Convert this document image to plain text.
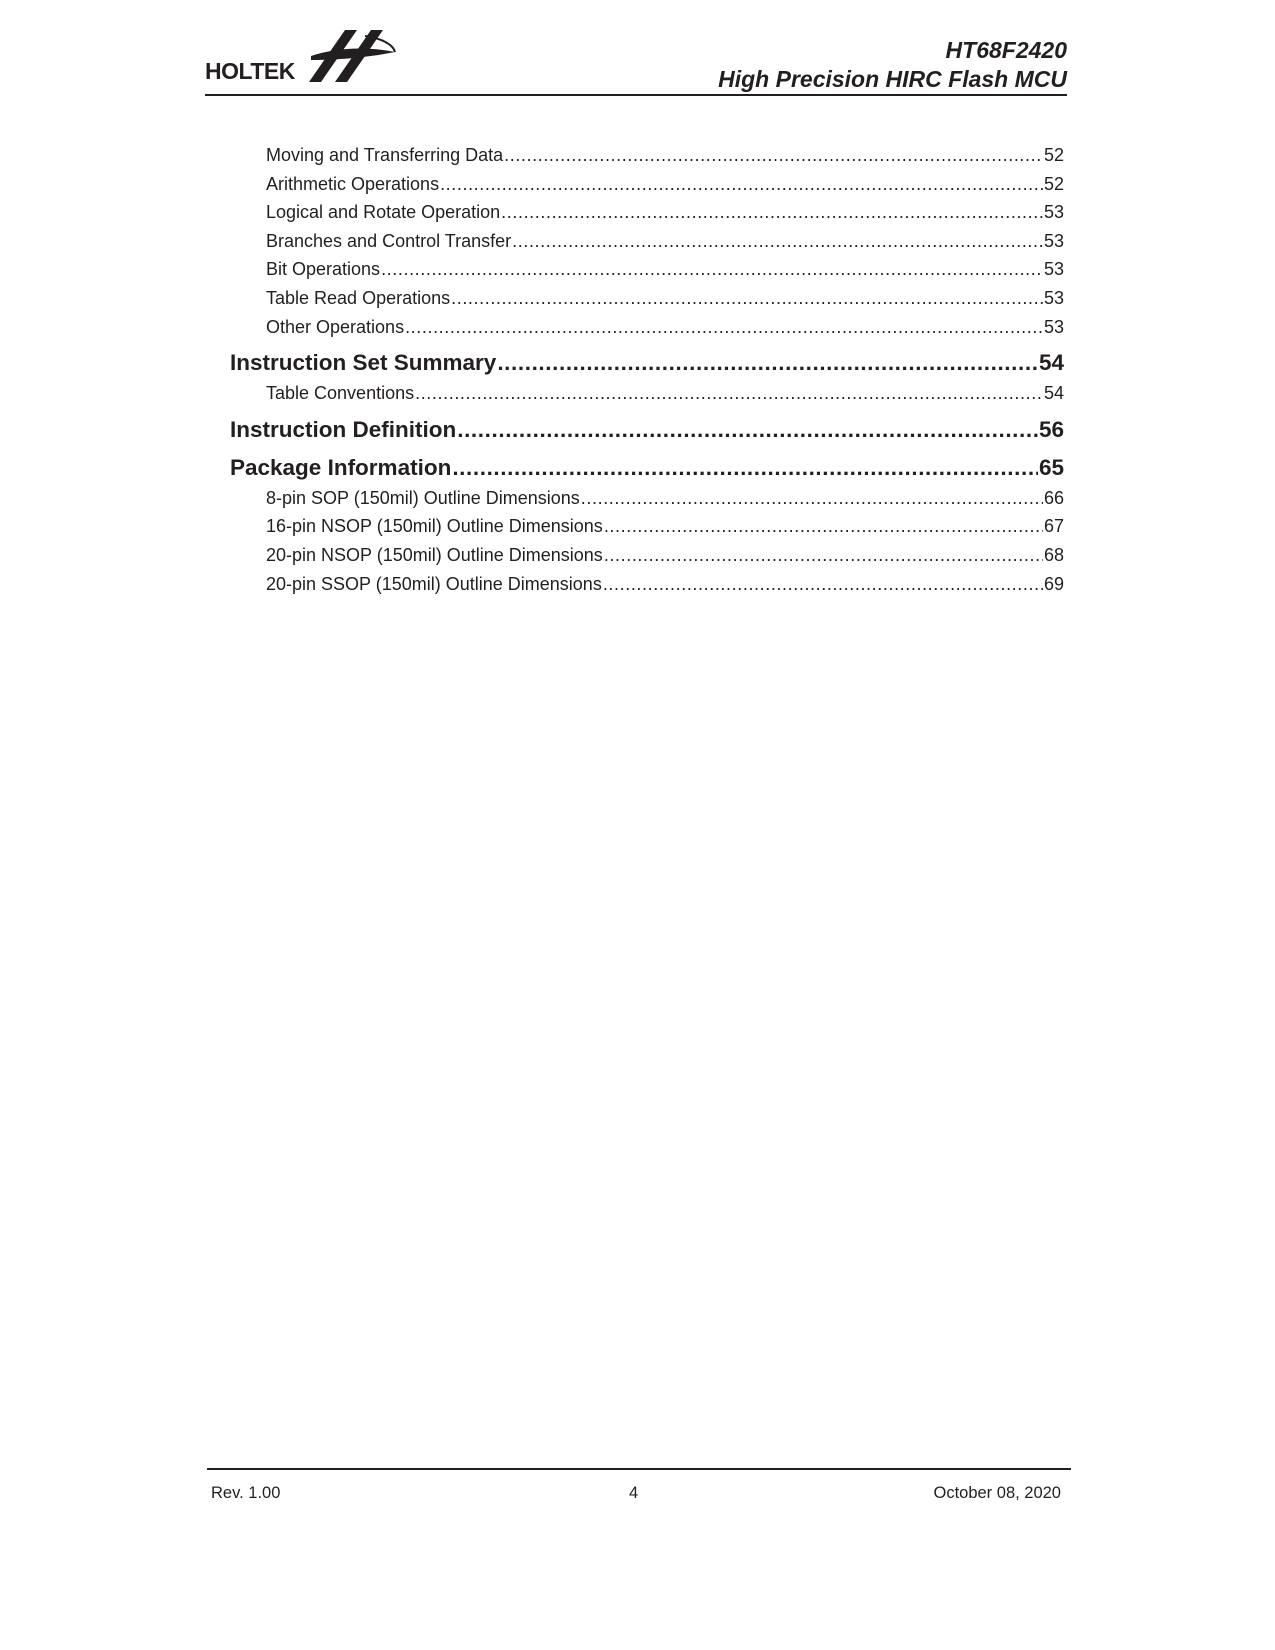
HOLTEK
HT68F2420
High Precision HIRC Flash MCU
Moving and Transferring Data .....	52
Arithmetic Operations .....	52
Logical and Rotate Operation .....	53
Branches and Control Transfer .....	53
Bit Operations .....	53
Table Read Operations .....	53
Other Operations .....	53
Instruction Set Summary .....	54
Table Conventions .....	54
Instruction Definition .....	56
Package Information .....	65
8-pin SOP (150mil) Outline Dimensions .....	66
16-pin NSOP (150mil) Outline Dimensions .....	67
20-pin NSOP (150mil) Outline Dimensions .....	68
20-pin SSOP (150mil) Outline Dimensions .....	69
Rev. 1.00	4	October 08, 2020
